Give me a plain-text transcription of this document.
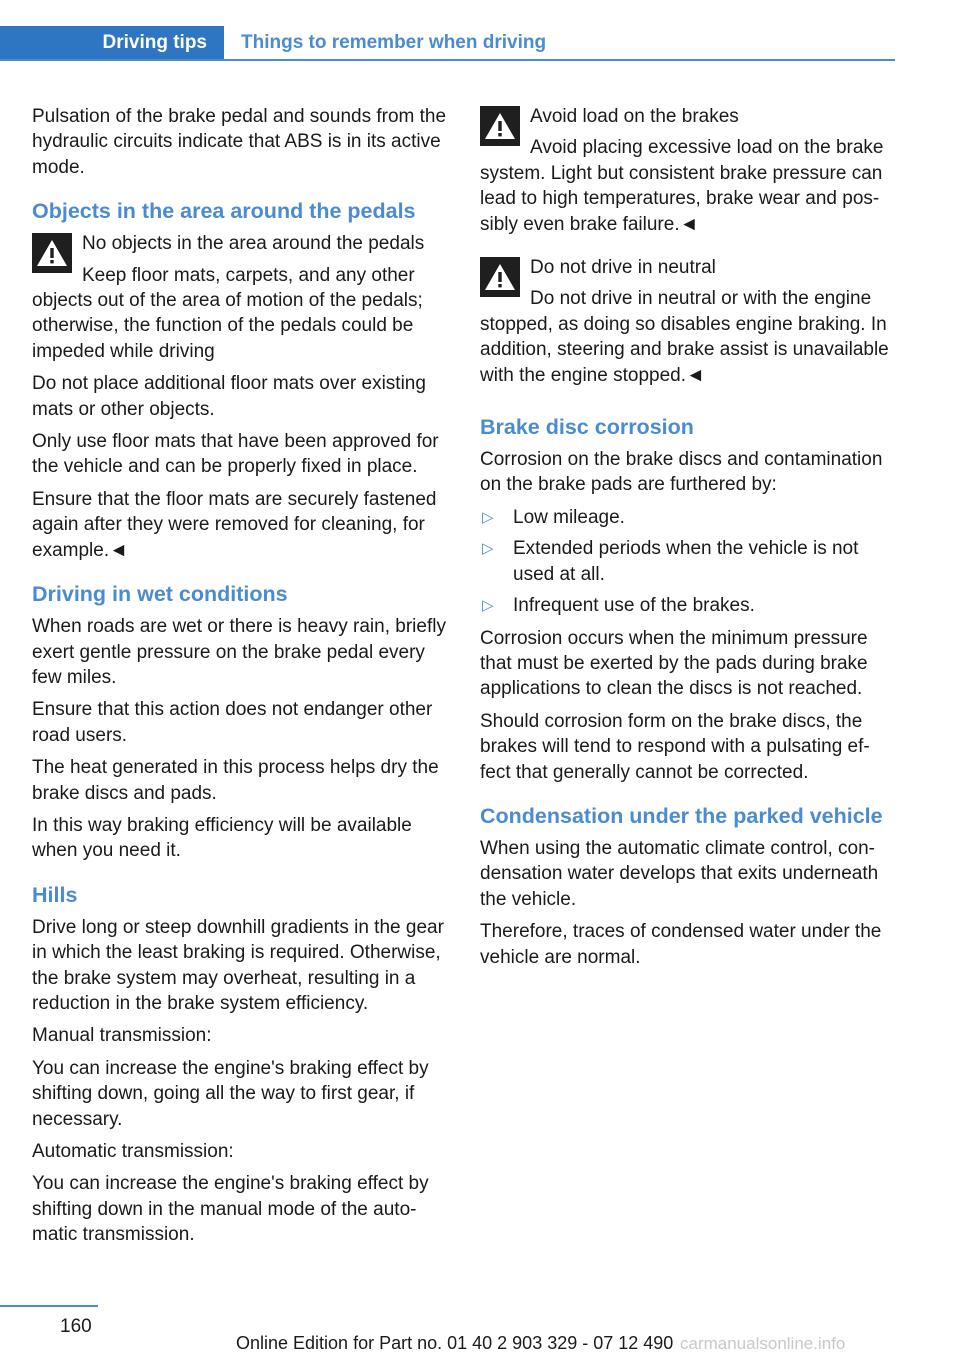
Driving tips	Things to remember when driving

Pulsation of the brake pedal and sounds from the hydraulic circuits indicate that ABS is in its active mode.

Objects in the area around the pedals
No objects in the area around the pedals
Keep floor mats, carpets, and any other objects out of the area of motion of the pedals; otherwise, the function of the pedals could be impeded while driving

Do not place additional floor mats over existing mats or other objects.

Only use floor mats that have been approved for the vehicle and can be properly fixed in place.

Ensure that the floor mats are securely fastened again after they were removed for cleaning, for example.◄

Driving in wet conditions

When roads are wet or there is heavy rain, briefly exert gentle pressure on the brake pedal every few miles.

Ensure that this action does not endanger other road users.

The heat generated in this process helps dry the brake discs and pads.

In this way braking efficiency will be available when you need it.

Hills

Drive long or steep downhill gradients in the gear in which the least braking is required. Otherwise, the brake system may overheat, resulting in a reduction in the brake system efficiency.

Manual transmission:

You can increase the engine's braking effect by shifting down, going all the way to first gear, if necessary.

Automatic transmission:

You can increase the engine's braking effect by shifting down in the manual mode of the auto-matic transmission.

Avoid load on the brakes
Avoid placing excessive load on the brake system. Light but consistent brake pressure can lead to high temperatures, brake wear and pos-sibly even brake failure.◄
Do not drive in neutral
Do not drive in neutral or with the engine stopped, as doing so disables engine braking. In addition, steering and brake assist is unavailable with the engine stopped.◄
Brake disc corrosion

Corrosion on the brake discs and contamination on the brake pads are furthered by:

▷ Low mileage.
▷ Extended periods when the vehicle is not used at all.
▷ Infrequent use of the brakes.

Corrosion occurs when the minimum pressure that must be exerted by the pads during brake applications to clean the discs is not reached.

Should corrosion form on the brake discs, the brakes will tend to respond with a pulsating ef-fect that generally cannot be corrected.

Condensation under the parked vehicle

When using the automatic climate control, con-densation water develops that exits underneath the vehicle.

Therefore, traces of condensed water under the vehicle are normal.

160
Online Edition for Part no. 01 40 2 903 329 - 07 12 490 carmanualsonline.info
